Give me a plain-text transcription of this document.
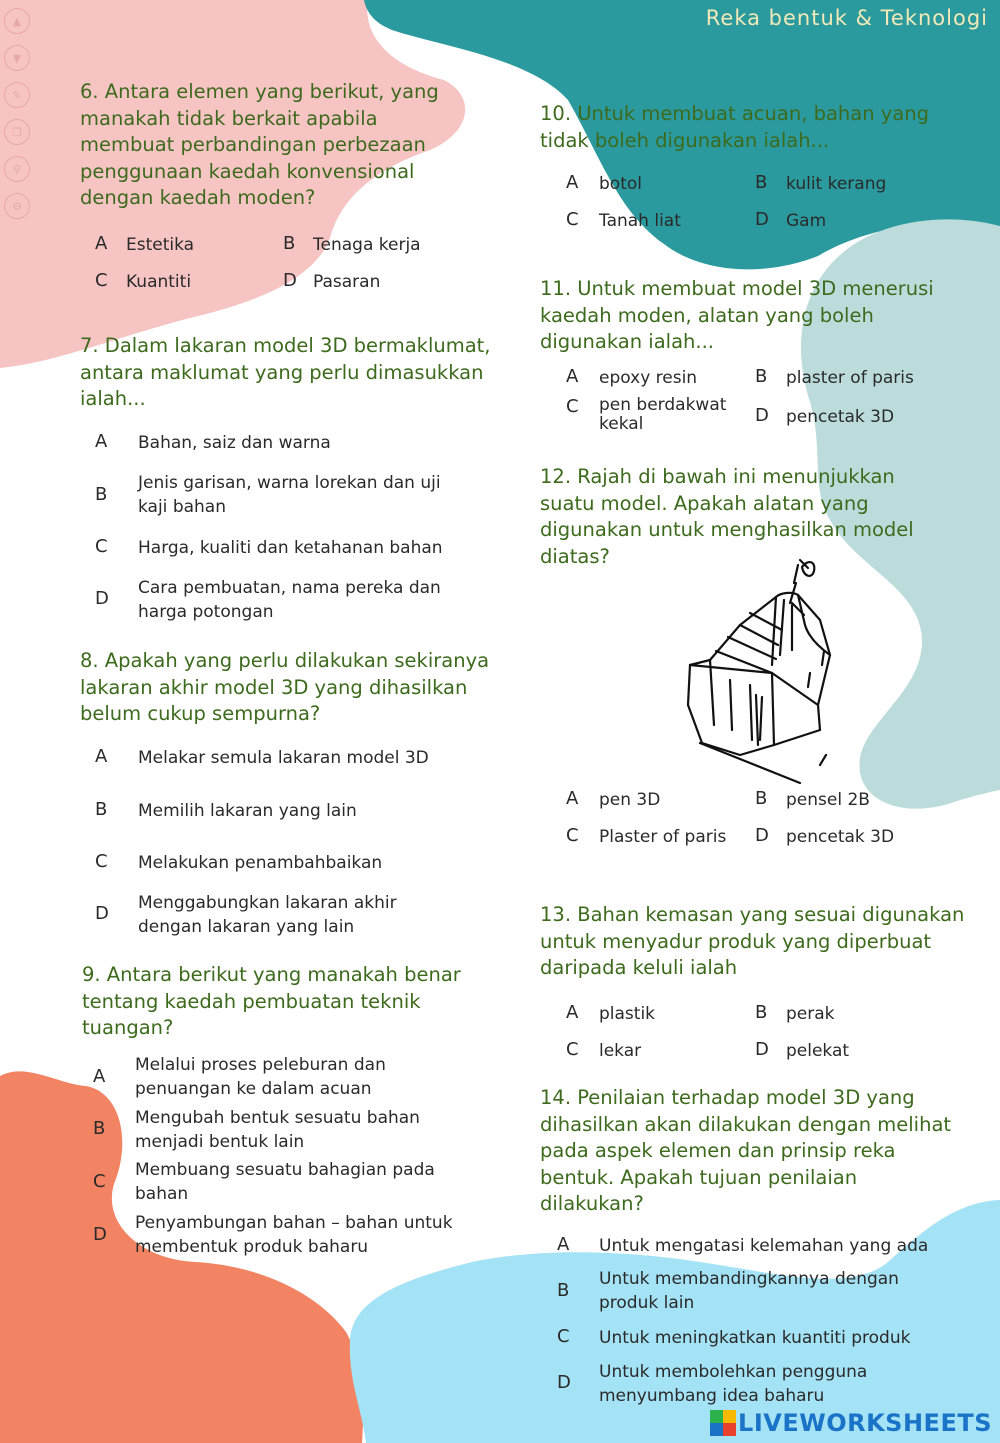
Reka bentuk & Teknologi
▲
▼
✎
❐
⚲
⚙

6. Antara elemen yang berikut, yang manakah tidak berkait apabila membuat perbandingan perbezaan penggunaan kaedah konvensional dengan kaedah moden?

A Estetika	B Tenaga kerja
C Kuantiti	D Pasaran

7. Dalam lakaran model 3D bermaklumat, antara maklumat yang perlu dimasukkan ialah...

A Bahan, saiz dan warna
B
Jenis garisan, warna lorekan dan uji kaji bahan
C Harga, kualiti dan ketahanan bahan
D Cara pembuatan, nama pereka dan harga potongan

8. Apakah yang perlu dilakukan sekiranya lakaran akhir model 3D yang dihasilkan belum cukup sempurna?

A Melakar semula lakaran model 3D
B Memilih lakaran yang lain
C Melakukan penambahbaikan
D Menggabungkan lakaran akhir dengan lakaran yang lain

9. Antara berikut yang manakah benar tentang kaedah pembuatan teknik tuangan?

A
Melalui proses peleburan dan penuangan ke dalam acuan
B Mengubah bentuk sesuatu bahan menjadi bentuk lain
C
Membuang sesuatu bahagian pada bahan
D
Penyambungan bahan – bahan untuk membentuk produk baharu

10. Untuk membuat acuan, bahan yang tidak boleh digunakan ialah...

A botol	B kulit kerang
C Tanah liat	D Gam

11. Untuk membuat model 3D menerusi kaedah moden, alatan yang boleh digunakan ialah...

A epoxy resin	B plaster of paris
C pen berdakwat kekal	D pencetak 3D

12. Rajah di bawah ini menunjukkan suatu model. Apakah alatan yang digunakan untuk menghasilkan model diatas?

A pen 3D	B pensel 2B
C Plaster of paris D pencetak 3D

13. Bahan kemasan yang sesuai digunakan untuk menyadur produk yang diperbuat daripada keluli ialah

A plastik	B perak
C lekar	D pelekat

14. Penilaian terhadap model 3D yang dihasilkan akan dilakukan dengan melihat pada aspek elemen dan prinsip reka bentuk. Apakah tujuan penilaian dilakukan?

A Untuk mengatasi kelemahan yang ada
B
Untuk membandingkannya dengan produk lain
C Untuk meningkatkan kuantiti produk
D Untuk membolehkan pengguna menyumbang idea baharu
LIVEWORKSHEETS
